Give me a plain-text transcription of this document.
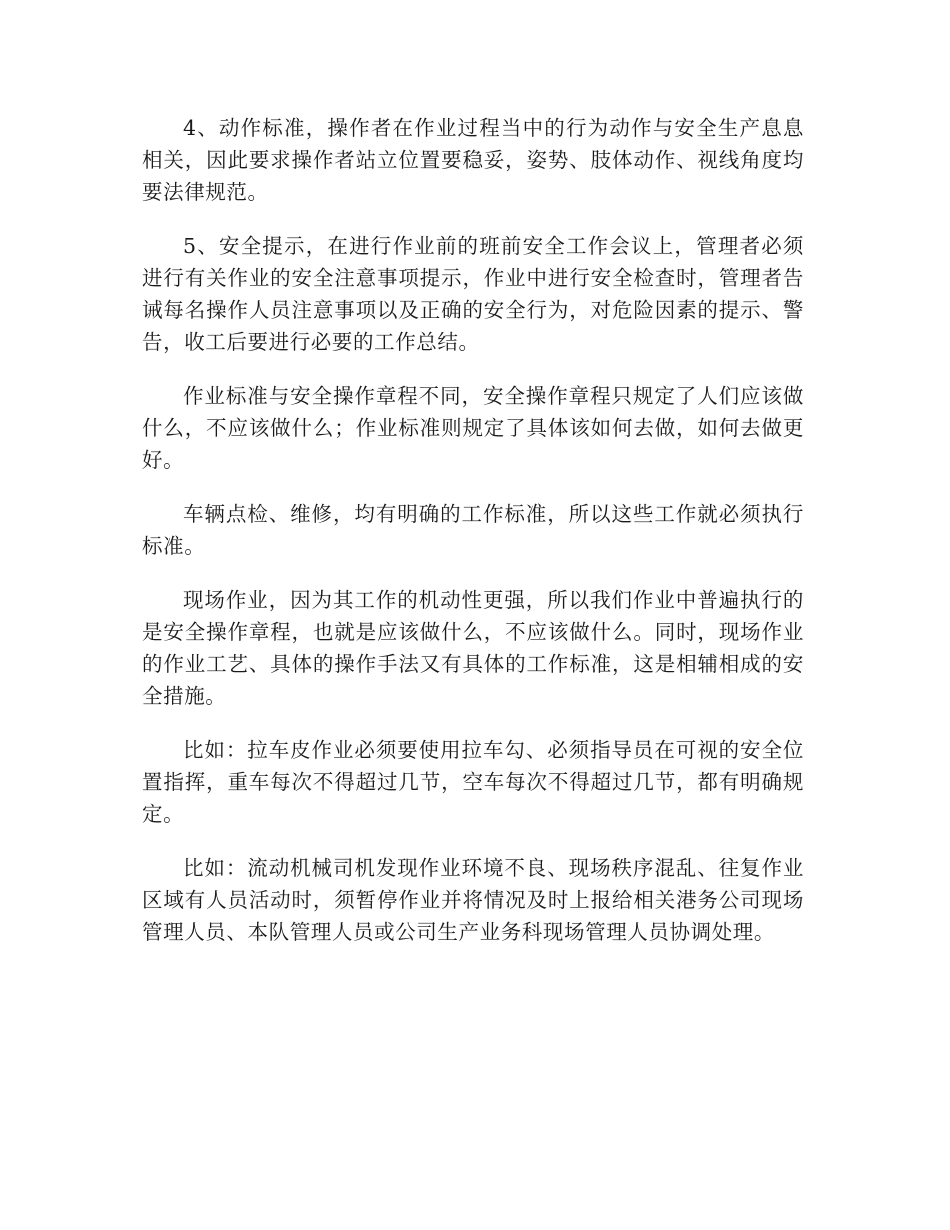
4、动作标准，操作者在作业过程当中的行为动作与安全生产息息相关，因此要求操作者站立位置要稳妥，姿势、肢体动作、视线角度均要法律规范。

5、安全提示，在进行作业前的班前安全工作会议上，管理者必须进行有关作业的安全注意事项提示，作业中进行安全检查时，管理者告诫每名操作人员注意事项以及正确的安全行为，对危险因素的提示、警告，收工后要进行必要的工作总结。

作业标准与安全操作章程不同，安全操作章程只规定了人们应该做什么，不应该做什么；作业标准则规定了具体该如何去做，如何去做更好。

车辆点检、维修，均有明确的工作标准，所以这些工作就必须执行标准。

现场作业，因为其工作的机动性更强，所以我们作业中普遍执行的是安全操作章程，也就是应该做什么，不应该做什么。同时，现场作业的作业工艺、具体的操作手法又有具体的工作标准，这是相辅相成的安全措施。

比如：拉车皮作业必须要使用拉车勾、必须指导员在可视的安全位置指挥，重车每次不得超过几节，空车每次不得超过几节，都有明确规定。

比如：流动机械司机发现作业环境不良、现场秩序混乱、往复作业区域有人员活动时，须暂停作业并将情况及时上报给相关港务公司现场管理人员、本队管理人员或公司生产业务科现场管理人员协调处理。
